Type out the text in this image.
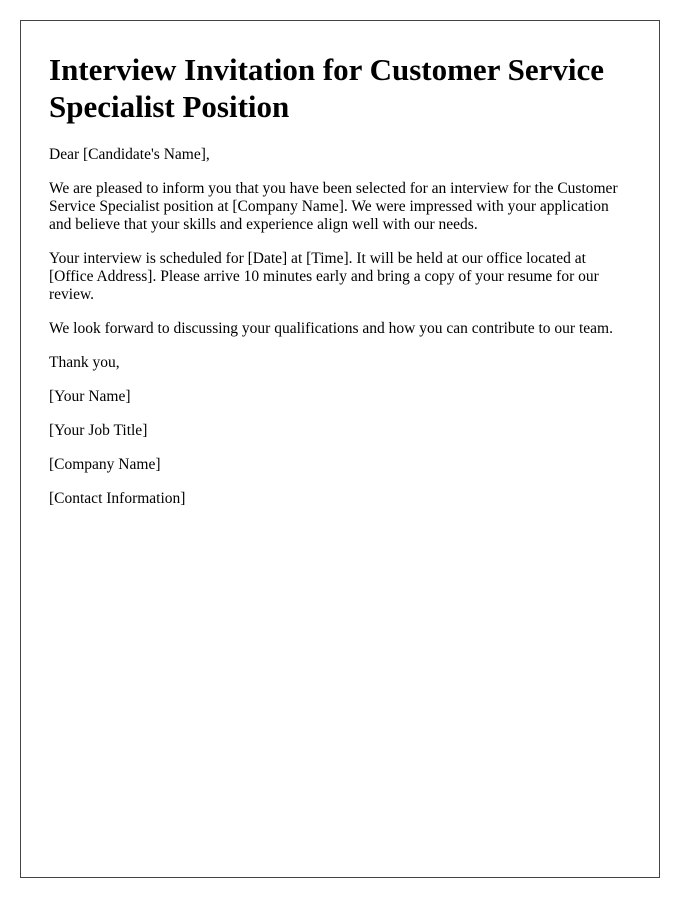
Interview Invitation for Customer Service Specialist Position

Dear [Candidate's Name],

We are pleased to inform you that you have been selected for an interview for the Customer Service Specialist position at [Company Name]. We were impressed with your application and believe that your skills and experience align well with our needs.

Your interview is scheduled for [Date] at [Time]. It will be held at our office located at [Office Address]. Please arrive 10 minutes early and bring a copy of your resume for our review.

We look forward to discussing your qualifications and how you can contribute to our team.

Thank you,

[Your Name]

[Your Job Title]

[Company Name]

[Contact Information]
